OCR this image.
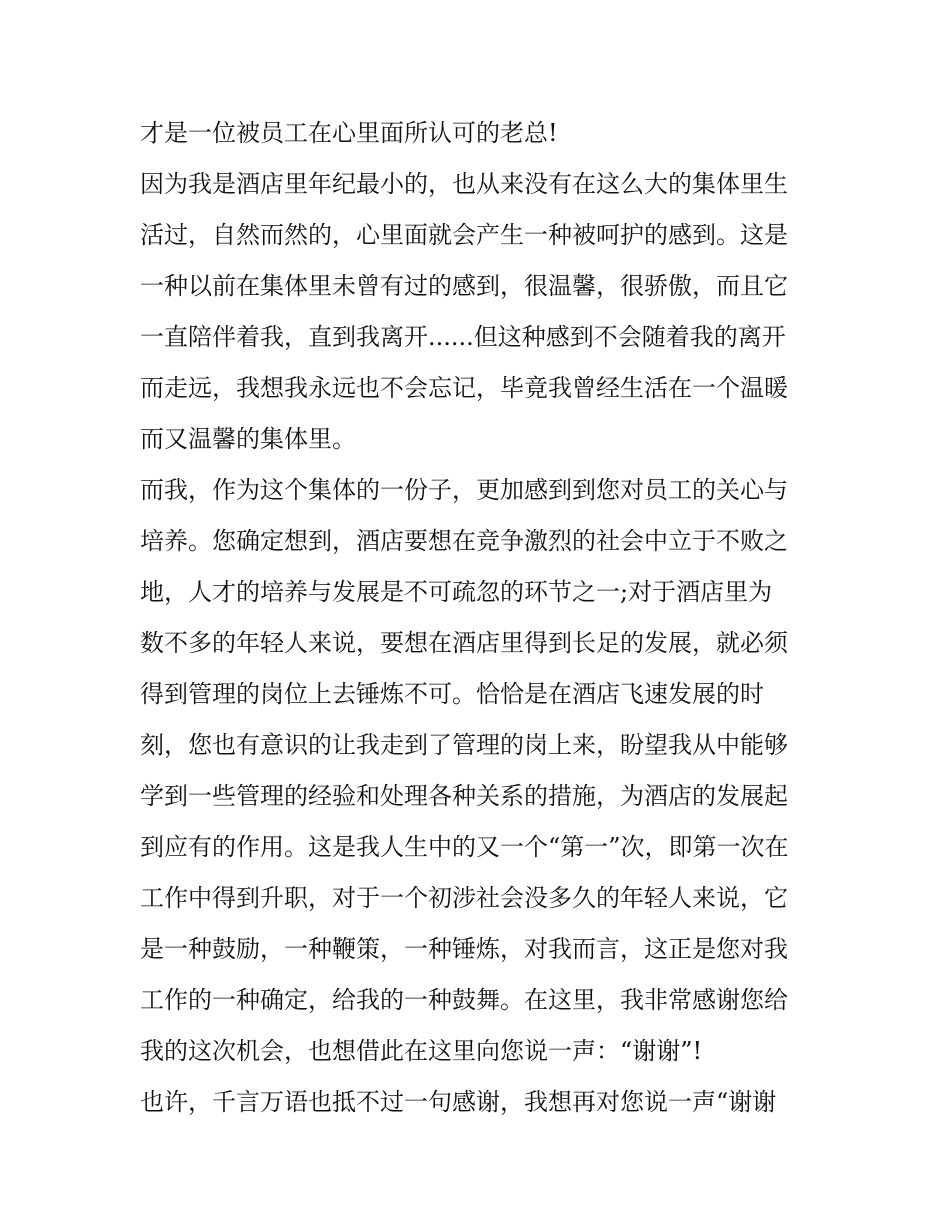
才是一位被员工在心里面所认可的老总!
因为我是酒店里年纪最小的，也从来没有在这么大的集体里生
活过，自然而然的，心里面就会产生一种被呵护的感到。这是
一种以前在集体里未曾有过的感到，很温馨，很骄傲，而且它
一直陪伴着我，直到我离开......但这种感到不会随着我的离开
而走远，我想我永远也不会忘记，毕竟我曾经生活在一个温暖
而又温馨的集体里。
而我，作为这个集体的一份子，更加感到到您对员工的关心与
培养。您确定想到，酒店要想在竞争激烈的社会中立于不败之
地，人才的培养与发展是不可疏忽的环节之一;对于酒店里为
数不多的年轻人来说，要想在酒店里得到长足的发展，就必须
得到管理的岗位上去锤炼不可。恰恰是在酒店飞速发展的时
刻，您也有意识的让我走到了管理的岗上来，盼望我从中能够
学到一些管理的经验和处理各种关系的措施，为酒店的发展起
到应有的作用。这是我人生中的又一个“第一”次，即第一次在
工作中得到升职，对于一个初涉社会没多久的年轻人来说，它
是一种鼓励，一种鞭策，一种锤炼，对我而言，这正是您对我
工作的一种确定，给我的一种鼓舞。在这里，我非常感谢您给
我的这次机会，也想借此在这里向您说一声：“谢谢”!
也许，千言万语也抵不过一句感谢，我想再对您说一声“谢谢
